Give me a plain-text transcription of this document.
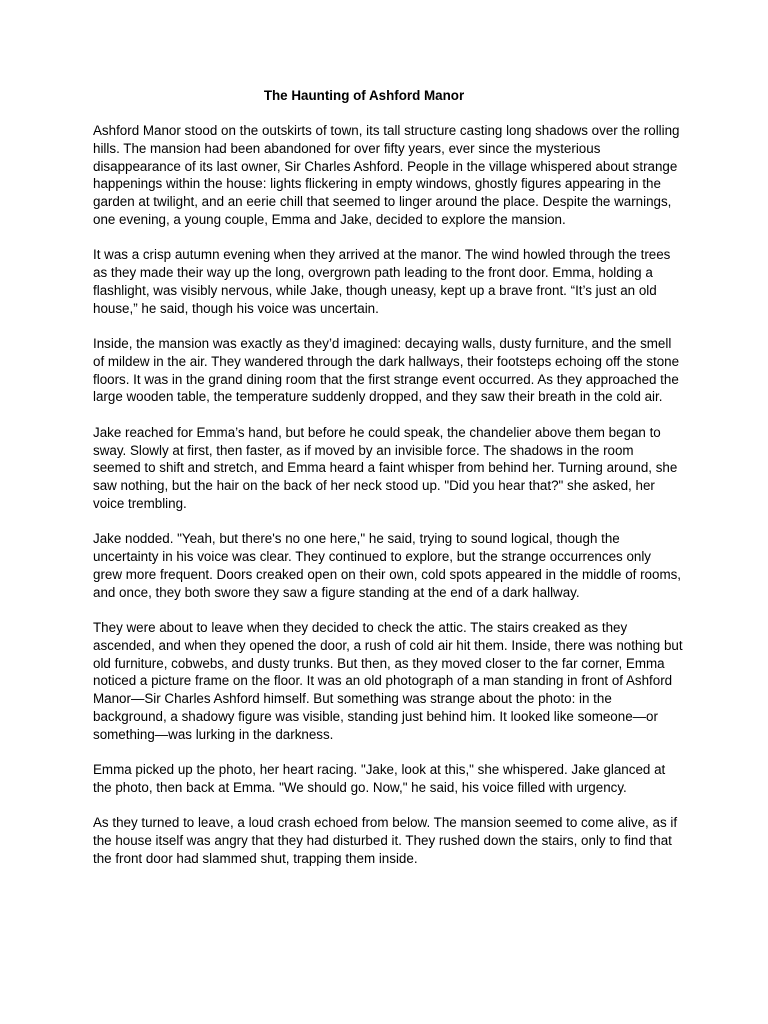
The Haunting of Ashford Manor

Ashford Manor stood on the outskirts of town, its tall structure casting long shadows over the rolling hills. The mansion had been abandoned for over fifty years, ever since the mysterious disappearance of its last owner, Sir Charles Ashford. People in the village whispered about strange happenings within the house: lights flickering in empty windows, ghostly figures appearing in the garden at twilight, and an eerie chill that seemed to linger around the place. Despite the warnings, one evening, a young couple, Emma and Jake, decided to explore the mansion.

It was a crisp autumn evening when they arrived at the manor. The wind howled through the trees as they made their way up the long, overgrown path leading to the front door. Emma, holding a flashlight, was visibly nervous, while Jake, though uneasy, kept up a brave front. “It’s just an old house,” he said, though his voice was uncertain.

Inside, the mansion was exactly as they’d imagined: decaying walls, dusty furniture, and the smell of mildew in the air. They wandered through the dark hallways, their footsteps echoing off the stone floors. It was in the grand dining room that the first strange event occurred. As they approached the large wooden table, the temperature suddenly dropped, and they saw their breath in the cold air.

Jake reached for Emma’s hand, but before he could speak, the chandelier above them began to sway. Slowly at first, then faster, as if moved by an invisible force. The shadows in the room seemed to shift and stretch, and Emma heard a faint whisper from behind her. Turning around, she saw nothing, but the hair on the back of her neck stood up. "Did you hear that?" she asked, her voice trembling.

Jake nodded. "Yeah, but there's no one here," he said, trying to sound logical, though the uncertainty in his voice was clear. They continued to explore, but the strange occurrences only grew more frequent. Doors creaked open on their own, cold spots appeared in the middle of rooms, and once, they both swore they saw a figure standing at the end of a dark hallway.

They were about to leave when they decided to check the attic. The stairs creaked as they ascended, and when they opened the door, a rush of cold air hit them. Inside, there was nothing but old furniture, cobwebs, and dusty trunks. But then, as they moved closer to the far corner, Emma noticed a picture frame on the floor. It was an old photograph of a man standing in front of Ashford Manor—Sir Charles Ashford himself. But something was strange about the photo: in the background, a shadowy figure was visible, standing just behind him. It looked like someone—or something—was lurking in the darkness.

Emma picked up the photo, her heart racing. "Jake, look at this," she whispered. Jake glanced at the photo, then back at Emma. "We should go. Now," he said, his voice filled with urgency.

As they turned to leave, a loud crash echoed from below. The mansion seemed to come alive, as if the house itself was angry that they had disturbed it. They rushed down the stairs, only to find that the front door had slammed shut, trapping them inside.
